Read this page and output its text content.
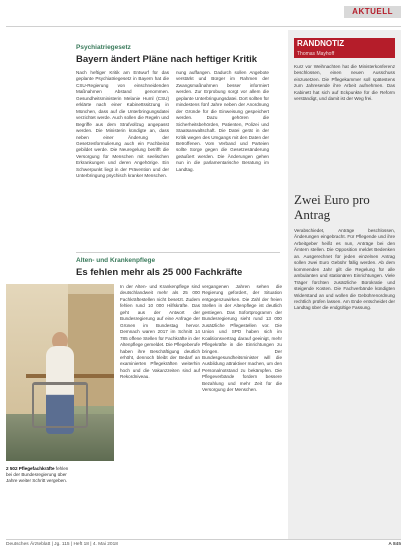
AKTUELL
Psychiatriegesetz
Bayern ändert Pläne nach heftiger Kritik
Nach heftiger Kritik am Entwurf für das geplante Psychiatriegesetz in Bayern hat die CSU-Regierung von einschneidenden Maßnahmen Abstand genommen. Gesundheitsministerin Melanie Huml (CSU) erklärte nach einer Kabinettssitzung in München, dass auf die Unterbringungsdatei verzichtet werde. Auch sollen die Regeln und Begriffe aus dem Strafvollzug angepasst werden. Die Ministerin kündigte an, dass neben einer Änderung der Gesetzesformulierung auch ein Fachbeirat gebildet werde. Die Neuregelung betrifft die Versorgung für Menschen mit seelischen Erkrankungen und deren Angehörige. Ein Schwerpunkt liegt in der Prävention und der Unterbringung psychisch kranker Menschen.
nung auffangen. Dadurch sollen Angebote verstärkt und Bürger im Rahmen der Zwangsmaßnahmen besser informiert werden. Zur Erprobung sorgt vor allem die geplante Unterbringungsdatei. Dort sollten für mindestens fünf Jahre neben der Anordnung der Gründe für die Einweisung gespeichert werden. Dazu gehören die Sicherheitsbehörden, Patienten, Polizei und Staatsanwaltschaft. Die Datei gerät in der Kritik wegen des Umgangs mit den Daten der Betroffenen. Vom Verband und Parteien sollte Sorge gegen die Gesetzesänderung geäußert werden. Die Änderungen gehen nun in die parlamentarische Beratung im Landtag.
Alten- und Krankenpflege
Es fehlen mehr als 25 000 Fachkräfte
2 502 Pflegefachkräfte fehlen bei der Bundesregierung über Jahre weiter Schritt vergeben.
In der Alten- und Krankenpflege sind deutschlandweit mehr als 25 000 Fachkräftestellen nicht besetzt. Zudem fehlen rund 10 000 Hilfskräfte. Das geht aus der Antwort der Bundesregierung auf eine Anfrage der Grünen im Bundestag hervor. Demnach waren 2017 im Schnitt 14 785 offene Stellen für Fachkräfte in der Altenpflege gemeldet. Die Pflegeberufe haben ihre Beschäftigung deutlich erhöht, dennoch bleibt der Bedarf an examinierten Pflegekräften weiterhin hoch und die Vakanzzeiten sind auf Rekordniveau.
vergangenen Jahren sehen die Regierung gefordert, der Situation entgegenzuwirken. Die Zahl der freien Stellen in der Altenpflege ist deutlich gestiegen. Das Sofortprogramm der Bundesregierung sieht rund 13 000 zusätzliche Pflegestellen vor. Die Union und SPD haben sich im Koalitionsvertrag darauf geeinigt, mehr Pflegekräfte in die Einrichtungen zu bringen. Der Bundesgesundheitsminister will die Ausbildung attraktiver machen, um den Personalnotstand zu bekämpfen. Die Pflegeverbände fordern bessere Bezahlung und mehr Zeit für die Versorgung der Menschen.
RANDNOTIZ
Thomas Mayhoff
Kurz vor Weihnachten hat die Ministerkonferenz beschlossen, einen neuen Ausschuss einzusetzen. Die Pflegekammer soll spätestens zum Jahresende ihre Arbeit aufnehmen. Das Kabinett hat sich auf Eckpunkte für die Reform verständigt, und damit ist der Weg frei.
Zwei Euro pro Antrag
Verabschiedet, Anträge beschlossen, Änderungen eingebracht. Für Pflegende und ihre Arbeitgeber heißt es nun, Anträge bei den Ämtern stellen. Die Opposition meldet Bedenken an. Ausgerechnet für jeden einzelnen Antrag sollen zwei Euro Gebühr fällig werden. Ab dem kommenden Jahr gilt die Regelung für alle ambulanten und stationären Einrichtungen. Viele Träger fürchten zusätzliche Bürokratie und steigende Kosten. Die Fachverbände kündigten Widerstand an und wollen die Gebührenordnung rechtlich prüfen lassen. Am Ende entscheidet der Landtag über die endgültige Fassung.
Deutsches Ärzteblatt | Jg. 115 | Heft 18 | 4. Mai 2018	A 845
